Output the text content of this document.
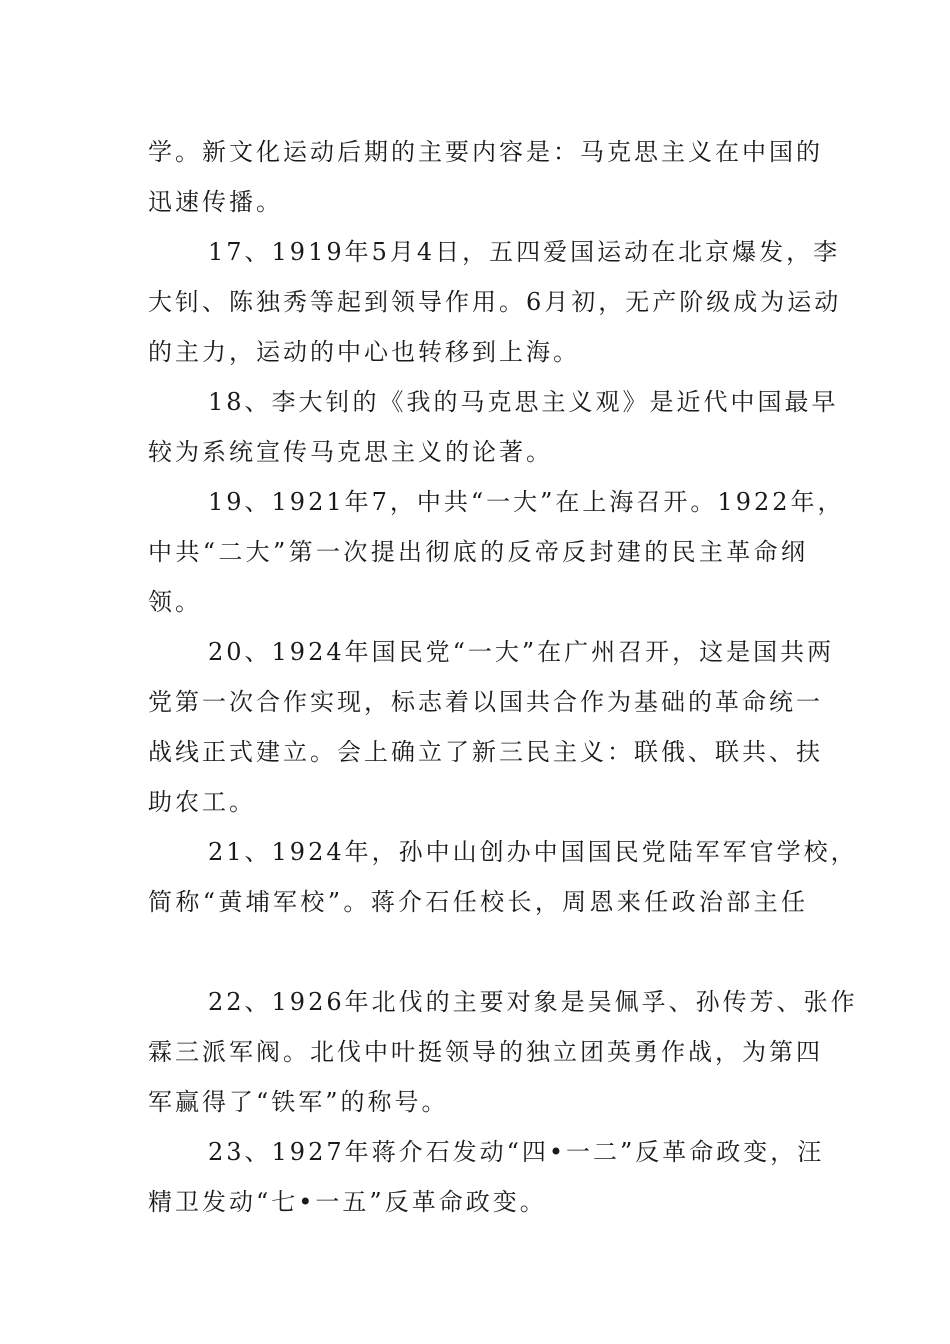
学。新文化运动后期的主要内容是：马克思主义在中国的
迅速传播。
17、1919年5月4日，五四爱国运动在北京爆发，李
大钊、陈独秀等起到领导作用。6月初，无产阶级成为运动
的主力，运动的中心也转移到上海。
18、李大钊的《我的马克思主义观》是近代中国最早
较为系统宣传马克思主义的论著。
19、1921年7，中共“一大”在上海召开。1922年，
中共“二大”第一次提出彻底的反帝反封建的民主革命纲
领。
20、1924年国民党“一大”在广州召开，这是国共两
党第一次合作实现，标志着以国共合作为基础的革命统一
战线正式建立。会上确立了新三民主义：联俄、联共、扶
助农工。
21、1924年，孙中山创办中国国民党陆军军官学校，
简称“黄埔军校”。蒋介石任校长，周恩来任政治部主任
22、1926年北伐的主要对象是吴佩孚、孙传芳、张作
霖三派军阀。北伐中叶挺领导的独立团英勇作战，为第四
军赢得了“铁军”的称号。
23、1927年蒋介石发动“四•一二”反革命政变，汪
精卫发动“七•一五”反革命政变。
